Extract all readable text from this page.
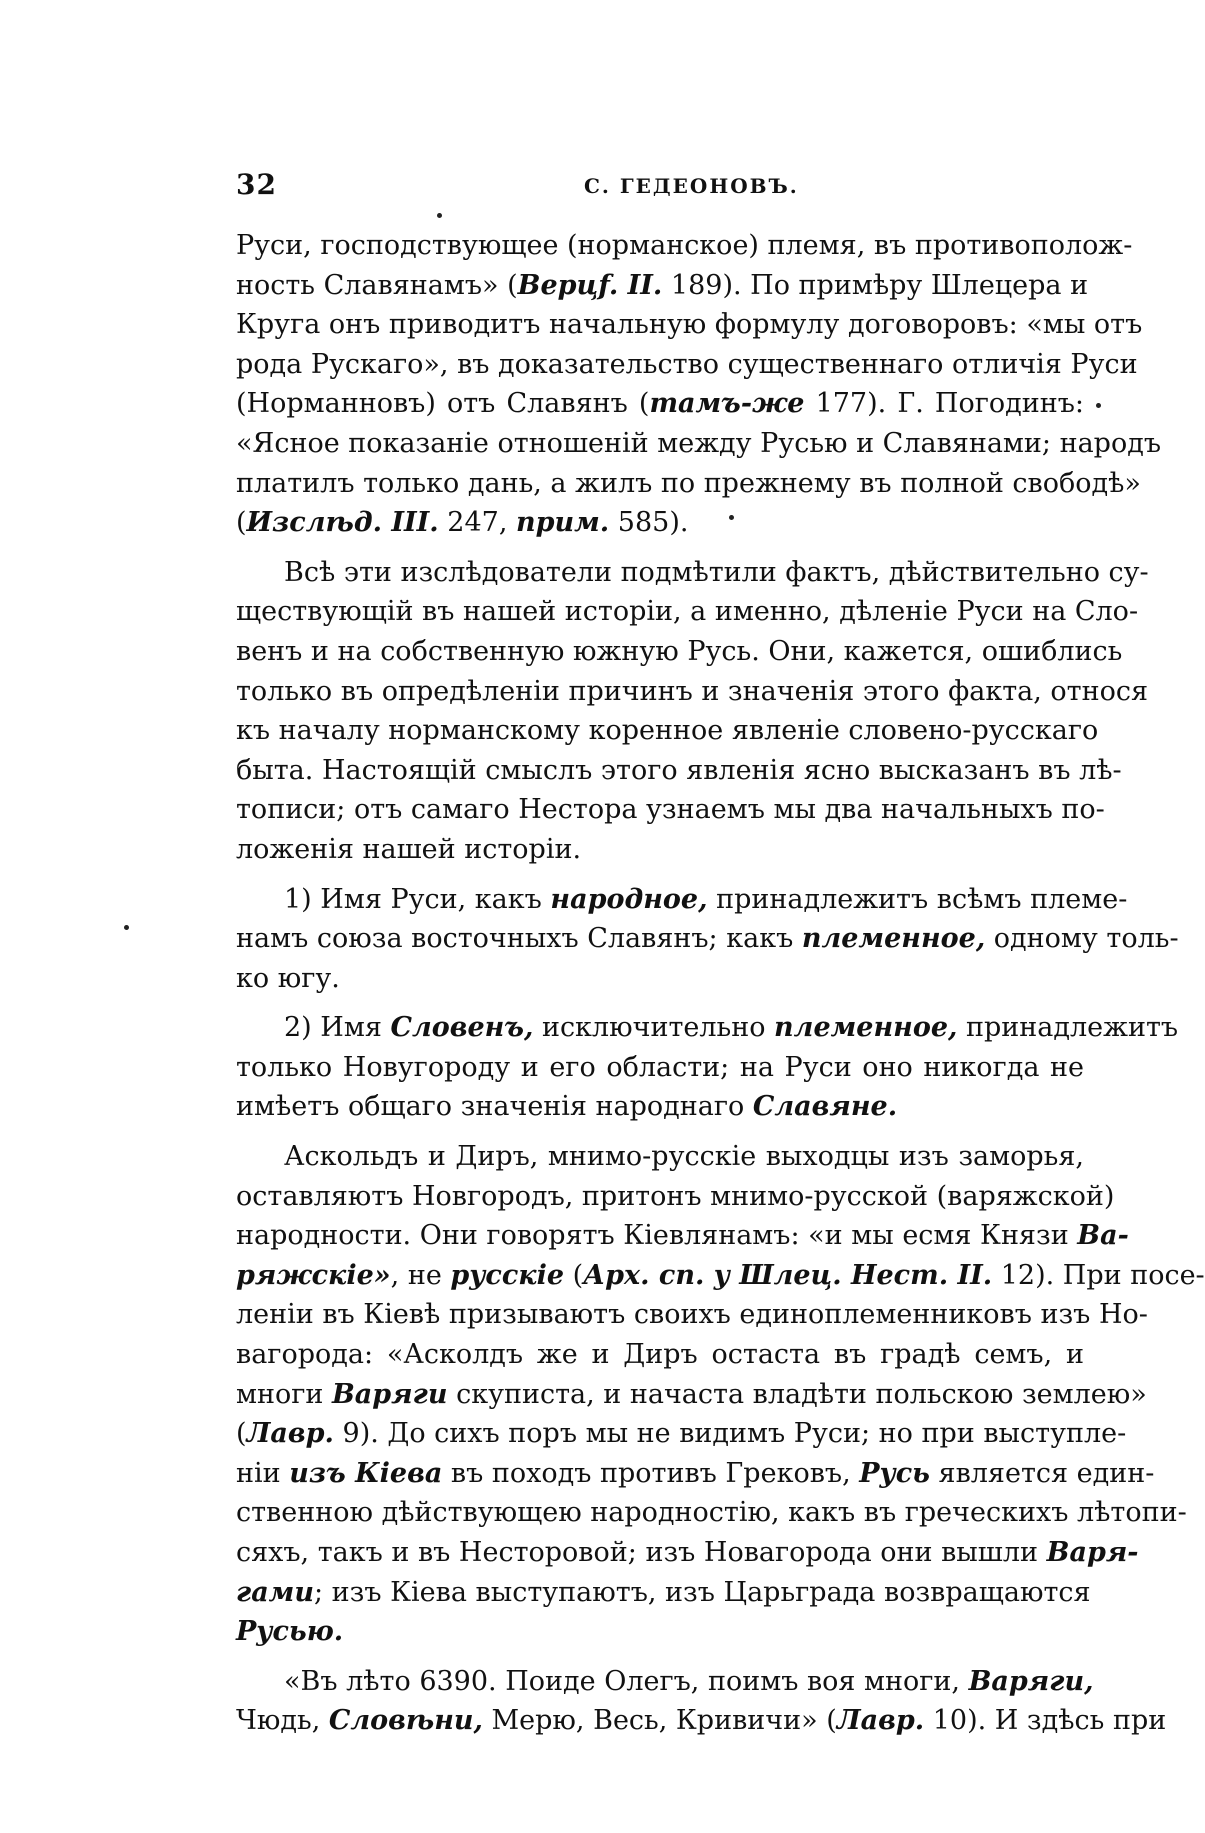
32	С. ГЕДЕОНОВЪ.
Руси, господствующее (норманское) племя, въ противополож-
ность Славянамъ» (Верцf. II. 189). По примѣру Шлецера и
Круга онъ приводитъ начальную формулу договоровъ: «мы отъ
рода Рускаго», въ доказательство существеннаго отличія Руси
(Норманновъ) отъ Славянъ (тамъ-же 177). Г. Погодинъ:
«Ясное показаніе отношеній между Русью и Славянами; народъ
платилъ только дань, а жилъ по прежнему въ полной свободѣ»
(Изслѣд. III. 247, прим. 585).
Всѣ эти изслѣдователи подмѣтили фактъ, дѣйствительно су-
ществующій въ нашей исторіи, а именно, дѣленіе Руси на Сло-
венъ и на собственную южную Русь. Они, кажется, ошиблись
только въ опредѣленіи причинъ и значенія этого факта, относя
къ началу норманскому коренное явленіе словено-русскаго
быта. Настоящій смыслъ этого явленія ясно высказанъ въ лѣ-
тописи; отъ самаго Нестора узнаемъ мы два начальныхъ по-
ложенія нашей исторіи.
1) Имя Руси, какъ народное, принадлежитъ всѣмъ племе-
намъ союза восточныхъ Славянъ; какъ племенное, одному толь-
ко югу.
2) Имя Словенъ, исключительно племенное, принадлежитъ
только Новугороду и его области; на Руси оно никогда не
имѣетъ общаго значенія народнаго Славяне.
Аскольдъ и Диръ, мнимо-русскіе выходцы изъ заморья,
оставляютъ Новгородъ, притонъ мнимо-русской (варяжской)
народности. Они говорятъ Кіевлянамъ: «и мы есмя Князи Ва-
ряжскіе», не русскіе (Арх. сп. у Шлец. Нест. II. 12). При посе-
леніи въ Кіевѣ призываютъ своихъ единоплеменниковъ изъ Но-
вагорода: «Асколдъ же и Диръ остаста въ градѣ семъ, и
многи Варяги скуписта, и начаста владѣти польскою землею»
(Лавр. 9). До сихъ поръ мы не видимъ Руси; но при выступле-
ніи изъ Кіева въ походъ противъ Грековъ, Русь является един-
ственною дѣйствующею народностію, какъ въ греческихъ лѣтопи-
сяхъ, такъ и въ Несторовой; изъ Новагорода они вышли Варя-
гами; изъ Кіева выступаютъ, изъ Царьграда возвращаются
Русью.
«Въ лѣто 6390. Поиде Олегъ, поимъ воя многи, Варяги,
Чюдь, Словѣни, Мерю, Весь, Кривичи» (Лавр. 10). И здѣсь при
